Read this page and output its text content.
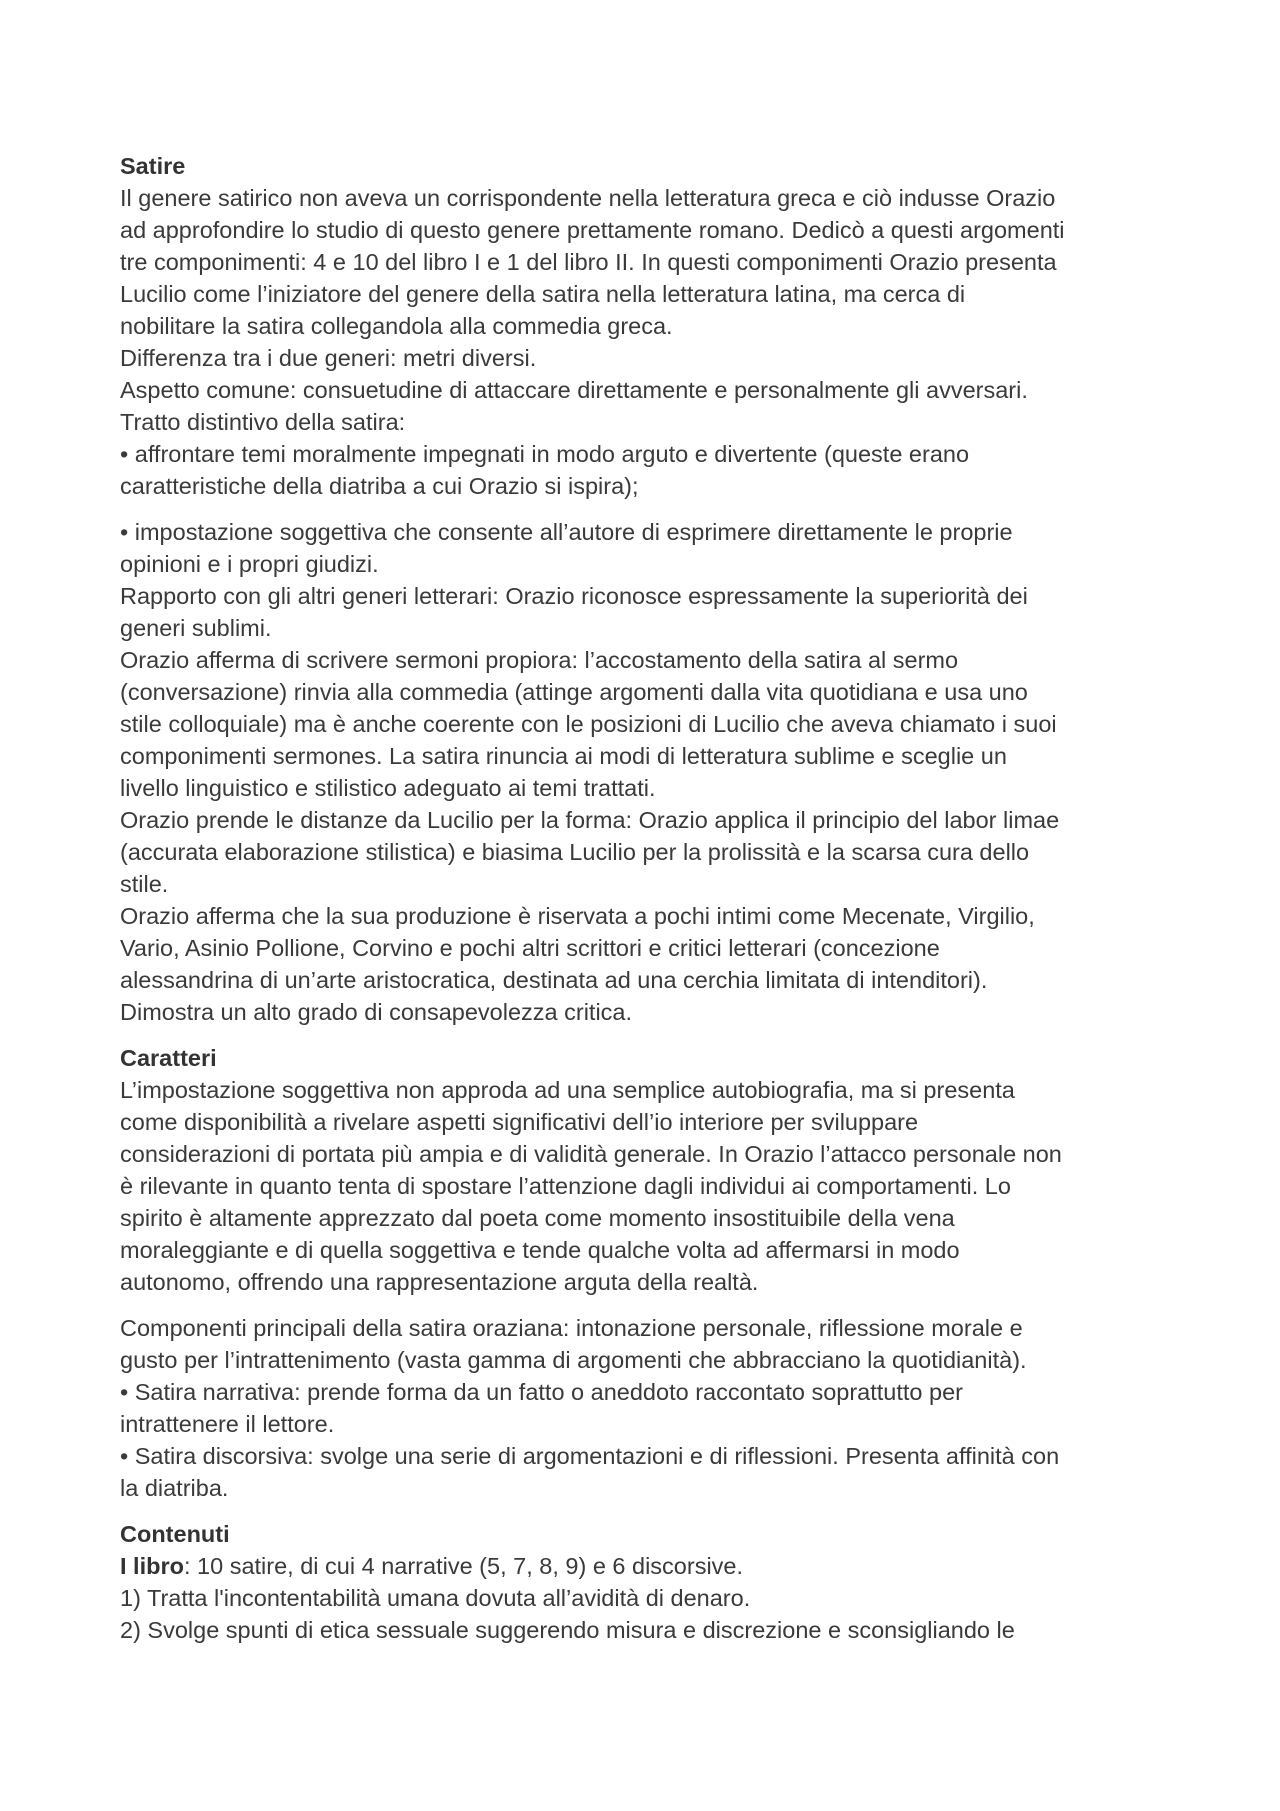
Satire
Il genere satirico non aveva un corrispondente nella letteratura greca e ciò indusse Orazio
ad approfondire lo studio di questo genere prettamente romano. Dedicò a questi argomenti
tre componimenti: 4 e 10 del libro I e 1 del libro II. In questi componimenti Orazio presenta
Lucilio come l’iniziatore del genere della satira nella letteratura latina, ma cerca di
nobilitare la satira collegandola alla commedia greca.
Differenza tra i due generi: metri diversi.
Aspetto comune: consuetudine di attaccare direttamente e personalmente gli avversari.
Tratto distintivo della satira:
• affrontare temi moralmente impegnati in modo arguto e divertente (queste erano
caratteristiche della diatriba a cui Orazio si ispira);
• impostazione soggettiva che consente all’autore di esprimere direttamente le proprie
opinioni e i propri giudizi.
Rapporto con gli altri generi letterari: Orazio riconosce espressamente la superiorità dei
generi sublimi.
Orazio afferma di scrivere sermoni propiora: l’accostamento della satira al sermo
(conversazione) rinvia alla commedia (attinge argomenti dalla vita quotidiana e usa uno
stile colloquiale) ma è anche coerente con le posizioni di Lucilio che aveva chiamato i suoi
componimenti sermones. La satira rinuncia ai modi di letteratura sublime e sceglie un
livello linguistico e stilistico adeguato ai temi trattati.
Orazio prende le distanze da Lucilio per la forma: Orazio applica il principio del labor limae
(accurata elaborazione stilistica) e biasima Lucilio per la prolissità e la scarsa cura dello
stile.
Orazio afferma che la sua produzione è riservata a pochi intimi come Mecenate, Virgilio,
Vario, Asinio Pollione, Corvino e pochi altri scrittori e critici letterari (concezione
alessandrina di un’arte aristocratica, destinata ad una cerchia limitata di intenditori).
Dimostra un alto grado di consapevolezza critica.
Caratteri
L’impostazione soggettiva non approda ad una semplice autobiografia, ma si presenta
come disponibilità a rivelare aspetti significativi dell’io interiore per sviluppare
considerazioni di portata più ampia e di validità generale. In Orazio l’attacco personale non
è rilevante in quanto tenta di spostare l’attenzione dagli individui ai comportamenti. Lo
spirito è altamente apprezzato dal poeta come momento insostituibile della vena
moraleggiante e di quella soggettiva e tende qualche volta ad affermarsi in modo
autonomo, offrendo una rappresentazione arguta della realtà.
Componenti principali della satira oraziana: intonazione personale, riflessione morale e
gusto per l’intrattenimento (vasta gamma di argomenti che abbracciano la quotidianità).
• Satira narrativa: prende forma da un fatto o aneddoto raccontato soprattutto per
intrattenere il lettore.
• Satira discorsiva: svolge una serie di argomentazioni e di riflessioni. Presenta affinità con
la diatriba.
Contenuti
I libro: 10 satire, di cui 4 narrative (5, 7, 8, 9) e 6 discorsive.
1) Tratta l'incontentabilità umana dovuta all’avidità di denaro.
2) Svolge spunti di etica sessuale suggerendo misura e discrezione e sconsigliando le
